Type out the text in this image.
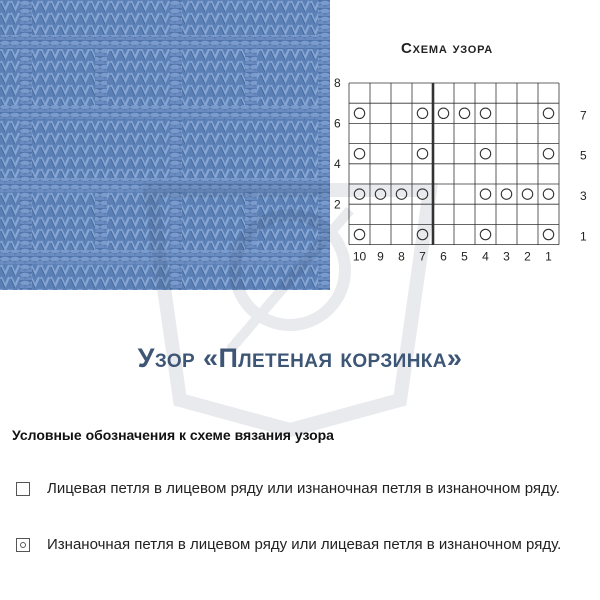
Схема узора
8
6
4
2
7
5
3
1
10 9 8 7 6 5 4 3 2 1
Узор «Плетеная корзинка»
Условные обозначения к схеме вязания узора
Лицевая петля в лицевом ряду или изнаночная петля в изнаночном ряду.
Изнаночная петля в лицевом ряду или лицевая петля в изнаночном ряду.
